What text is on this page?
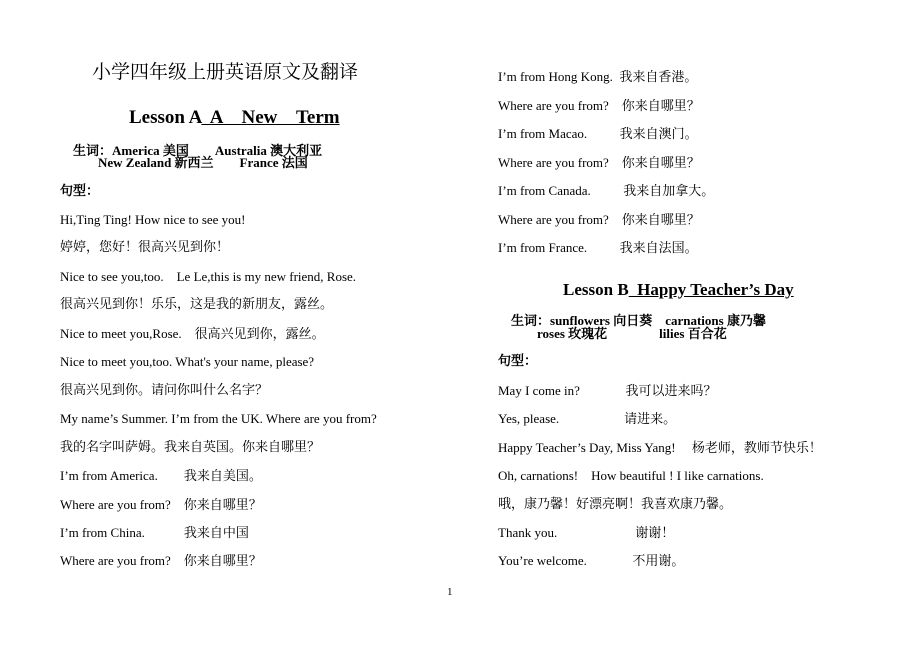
小学四年级上册英语原文及翻译

Lesson A  A    New    Term

生词：America 美国        Australia 澳大利亚

New Zealand 新西兰        France 法国
句型：
Hi,Ting Ting! How nice to see you!
婷婷，您好！很高兴见到你！
Nice to see you,too.    Le Le,this is my new friend, Rose.
很高兴见到你！乐乐，这是我的新朋友，露丝。
Nice to meet you,Rose.    很高兴见到你，露丝。
Nice to meet you,too. What's your name, please?
很高兴见到你。请问你叫什么名字？
My name’s Summer. I’m from the UK. Where are you from?
我的名字叫萨姆。我来自英国。你来自哪里？
I’m from America.        我来自美国。
Where are you from?    你来自哪里？
I’m from China.            我来自中国
Where are you from?    你来自哪里？
I’m from Hong Kong.  我来自香港。
Where are you from?    你来自哪里？
I’m from Macao.          我来自澳门。
Where are you from?    你来自哪里？
I’m from Canada.          我来自加拿大。
Where are you from?    你来自哪里？
I’m from France.          我来自法国。

Lesson B  Happy Teacher’s Day

生词：sunflowers 向日葵    carnations 康乃馨

roses 玫瑰花                lilies 百合花
句型：
May I come in?              我可以进来吗？
Yes, please.                    请进来。
Happy Teacher’s Day, Miss Yang!     杨老师，教师节快乐！
Oh, carnations!    How beautiful ! I like carnations.
哦，康乃馨！好漂亮啊！我喜欢康乃馨。
Thank you.                        谢谢！
You’re welcome.              不用谢。
1
